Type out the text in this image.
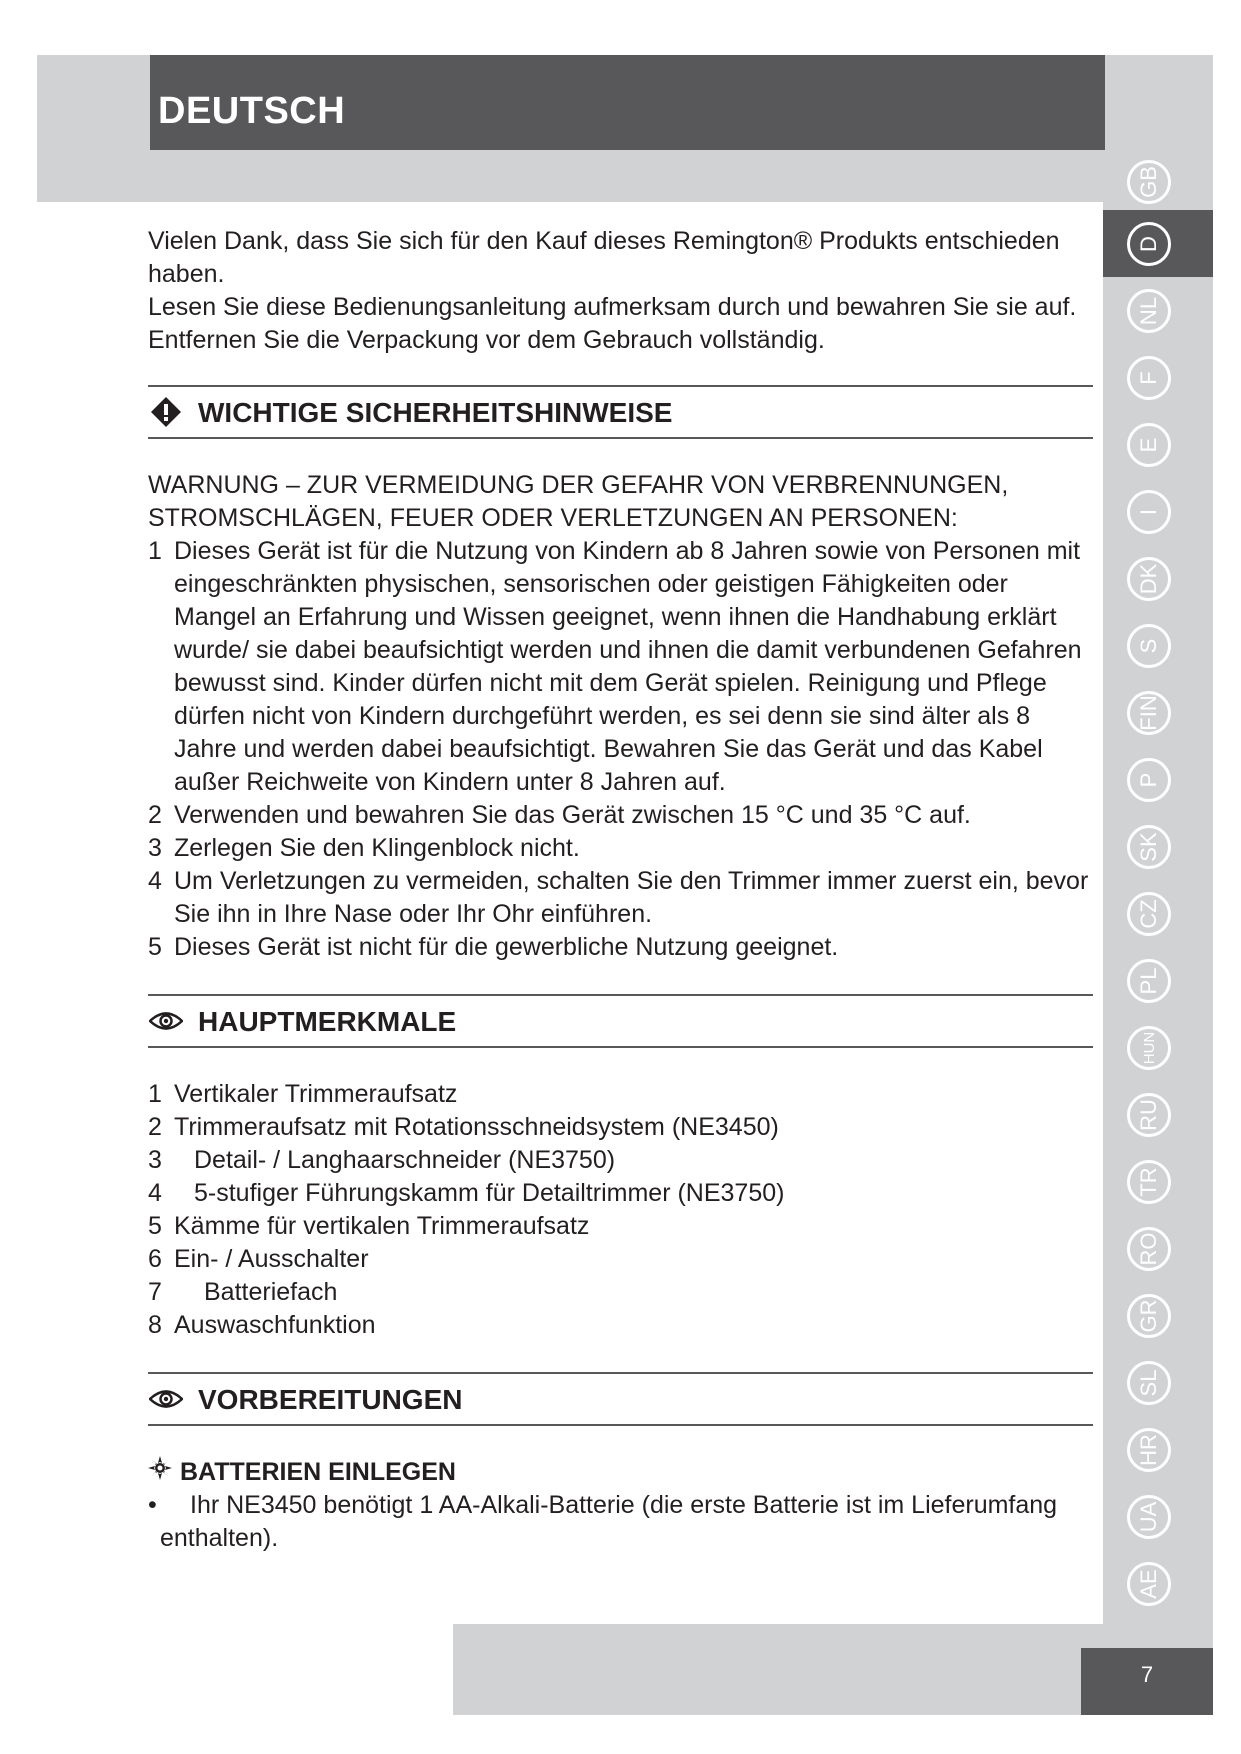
DEUTSCH
GB
D
NL
F
E
I
DK
S
FIN
P
SK
CZ
PL
HUN
RU
TR
RO
GR
SL
HR
UA
AE
7

Vielen Dank, dass Sie sich für den Kauf dieses Remington® Produkts entschieden haben.

Lesen Sie diese Bedienungsanleitung aufmerksam durch und bewahren Sie sie auf. Entfernen Sie die Verpackung vor dem Gebrauch vollständig.

WICHTIGE SICHERHEITSHINWEISE

WARNUNG – ZUR VERMEIDUNG DER GEFAHR VON VERBRENNUNGEN, STROMSCHLÄGEN, FEUER ODER VERLETZUNGEN AN PERSONEN:

1 Dieses Gerät ist für die Nutzung von Kindern ab 8 Jahren sowie von Personen mit eingeschränkten physischen, sensorischen oder geistigen Fähigkeiten oder Mangel an Erfahrung und Wissen geeignet, wenn ihnen die Handhabung erklärt wurde/ sie dabei beaufsichtigt werden und ihnen die damit verbundenen Gefahren bewusst sind. Kinder dürfen nicht mit dem Gerät spielen. Reinigung und Pflege dürfen nicht von Kindern durchgeführt werden, es sei denn sie sind älter als 8 Jahre und werden dabei beaufsichtigt. Bewahren Sie das Gerät und das Kabel außer Reichweite von Kindern unter 8 Jahren auf.
2 Verwenden und bewahren Sie das Gerät zwischen 15 °C und 35 °C auf.
3 Zerlegen Sie den Klingenblock nicht.
4 Um Verletzungen zu vermeiden, schalten Sie den Trimmer immer zuerst ein, bevor Sie ihn in Ihre Nase oder Ihr Ohr einführen.
5 Dieses Gerät ist nicht für die gewerbliche Nutzung geeignet.
HAUPTMERKMALE
1 Vertikaler Trimmeraufsatz
2 Trimmeraufsatz mit Rotationsschneidsystem (NE3450)
3 Detail- / Langhaarschneider (NE3750)
4 5-stufiger Führungskamm für Detailtrimmer (NE3750)
5 Kämme für vertikalen Trimmeraufsatz
6 Ein- / Ausschalter
7 Batteriefach
8 Auswaschfunktion
VORBEREITUNGEN
BATTERIEN EINLEGEN
•	Ihr NE3450 benötigt 1 AA-Alkali-Batterie (die erste Batterie ist im Lieferumfang enthalten).
